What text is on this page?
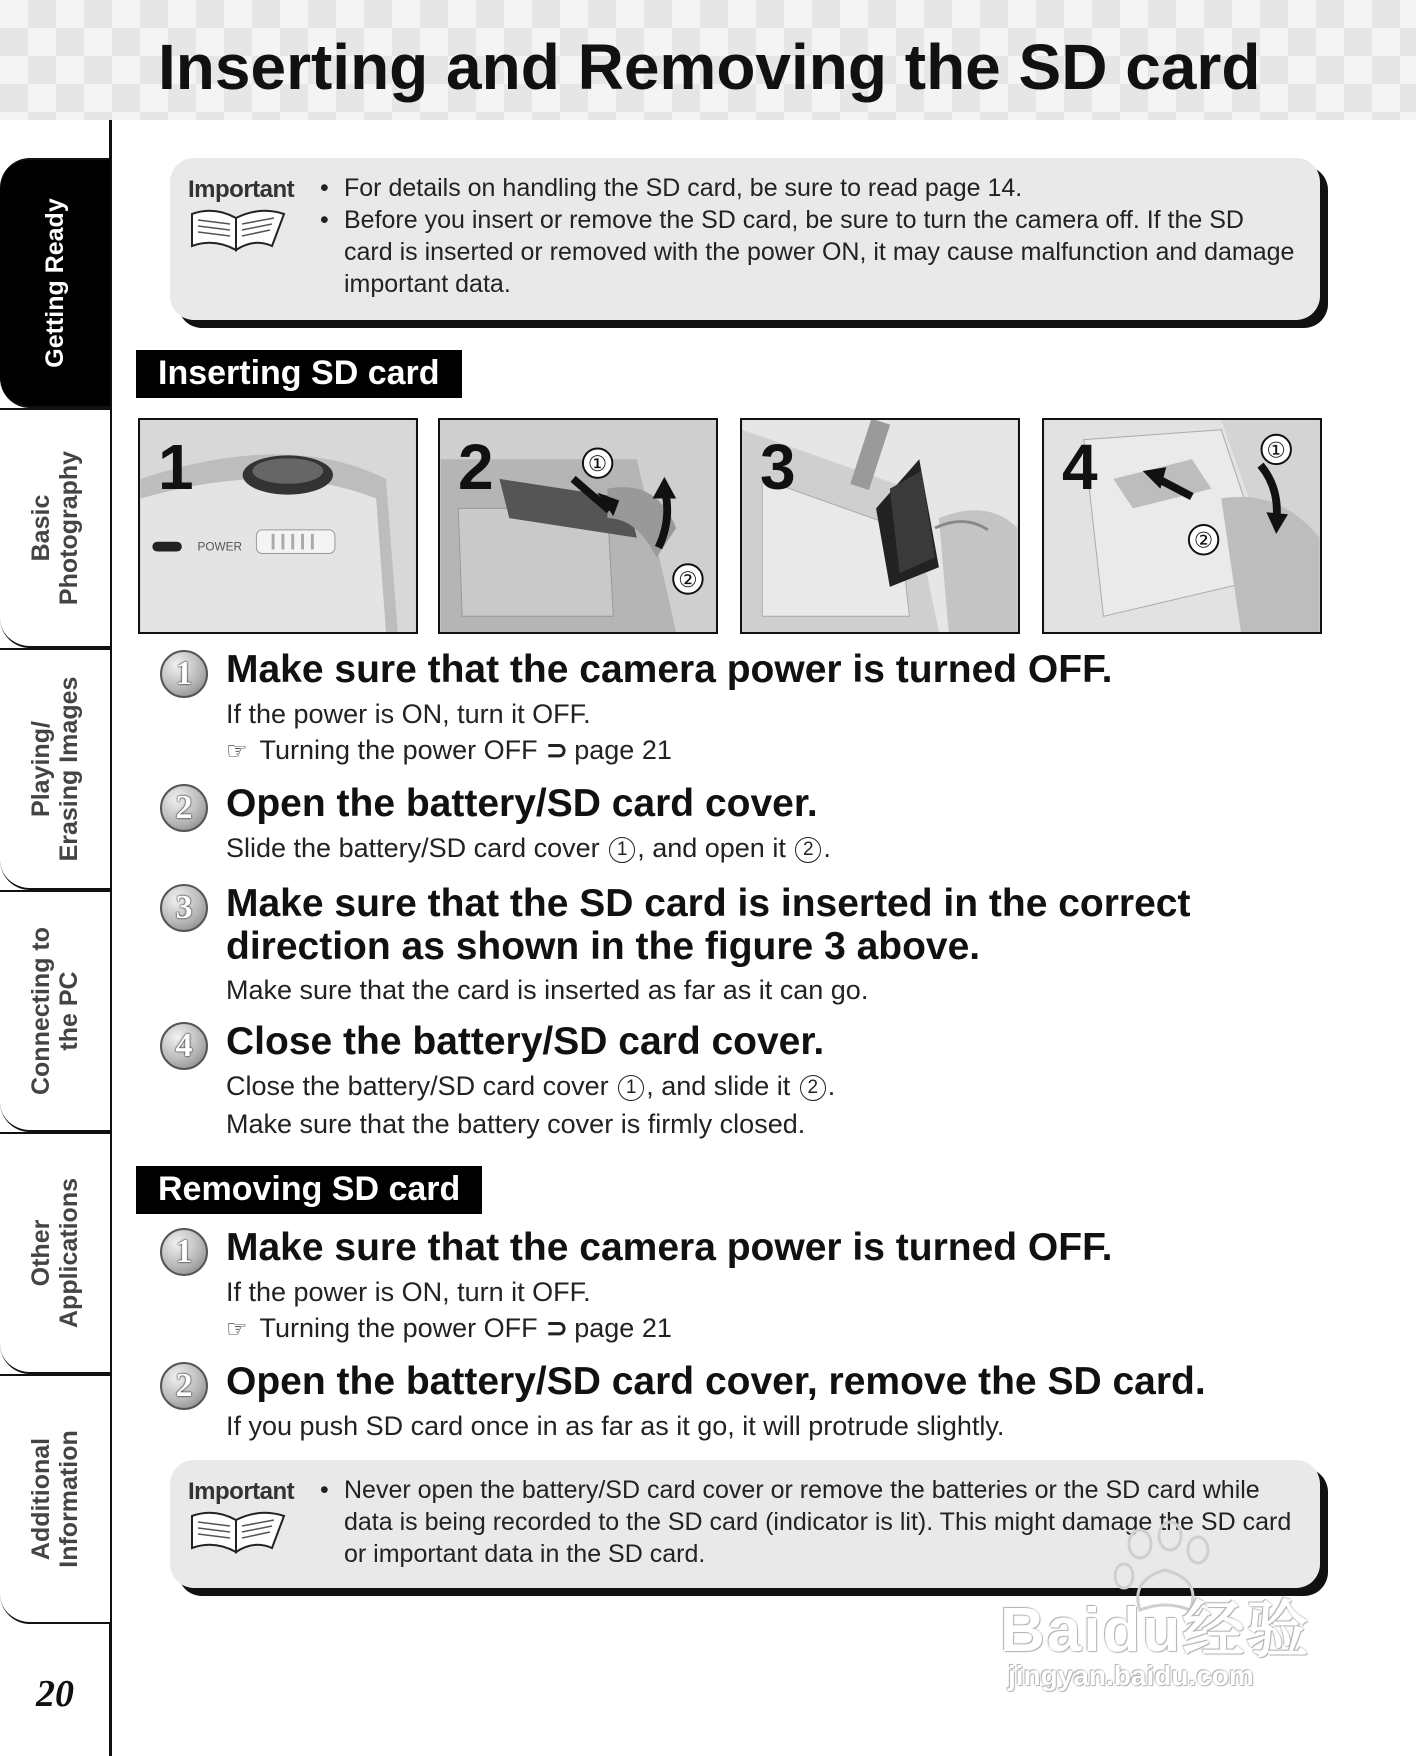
Inserting and Removing the SD card
Getting Ready
Basic
Photography
Playing/
Erasing Images
Connecting to
the PC
Other
Applications
Additional
Information
20
Important	• For details on handling the SD card, be sure to read page 14.
• Before you insert or remove the SD card, be sure to turn the camera off. If the SD card is inserted or removed with the power ON, it may cause malfunction and damage important data.
Inserting SD card
POWER
1	①
②
2	3	①
②
4
1 Make sure that the camera power is turned OFF.
If the power is ON, turn it OFF.
☞ Turning the power OFF ⊃ page 21
2 Open the battery/SD card cover.
Slide the battery/SD card cover 1 , and open it 2 .
3 Make sure that the SD card is inserted in the correct direction as shown in the figure 3 above.
Make sure that the card is inserted as far as it can go.
4 Close the battery/SD card cover.
Close the battery/SD card cover 1 , and slide it 2 .
Make sure that the battery cover is firmly closed.
Removing SD card
1 Make sure that the camera power is turned OFF.
If the power is ON, turn it OFF.
☞ Turning the power OFF ⊃ page 21
2 Open the battery/SD card cover, remove the SD card.
If you push SD card once in as far as it go, it will protrude slightly.
Important	• Never open the battery/SD card cover or remove the batteries or the SD card while data is being recorded to the SD card (indicator is lit). This might damage the SD card or important data in the SD card.
Baidu经验
jingyan.baidu.com
